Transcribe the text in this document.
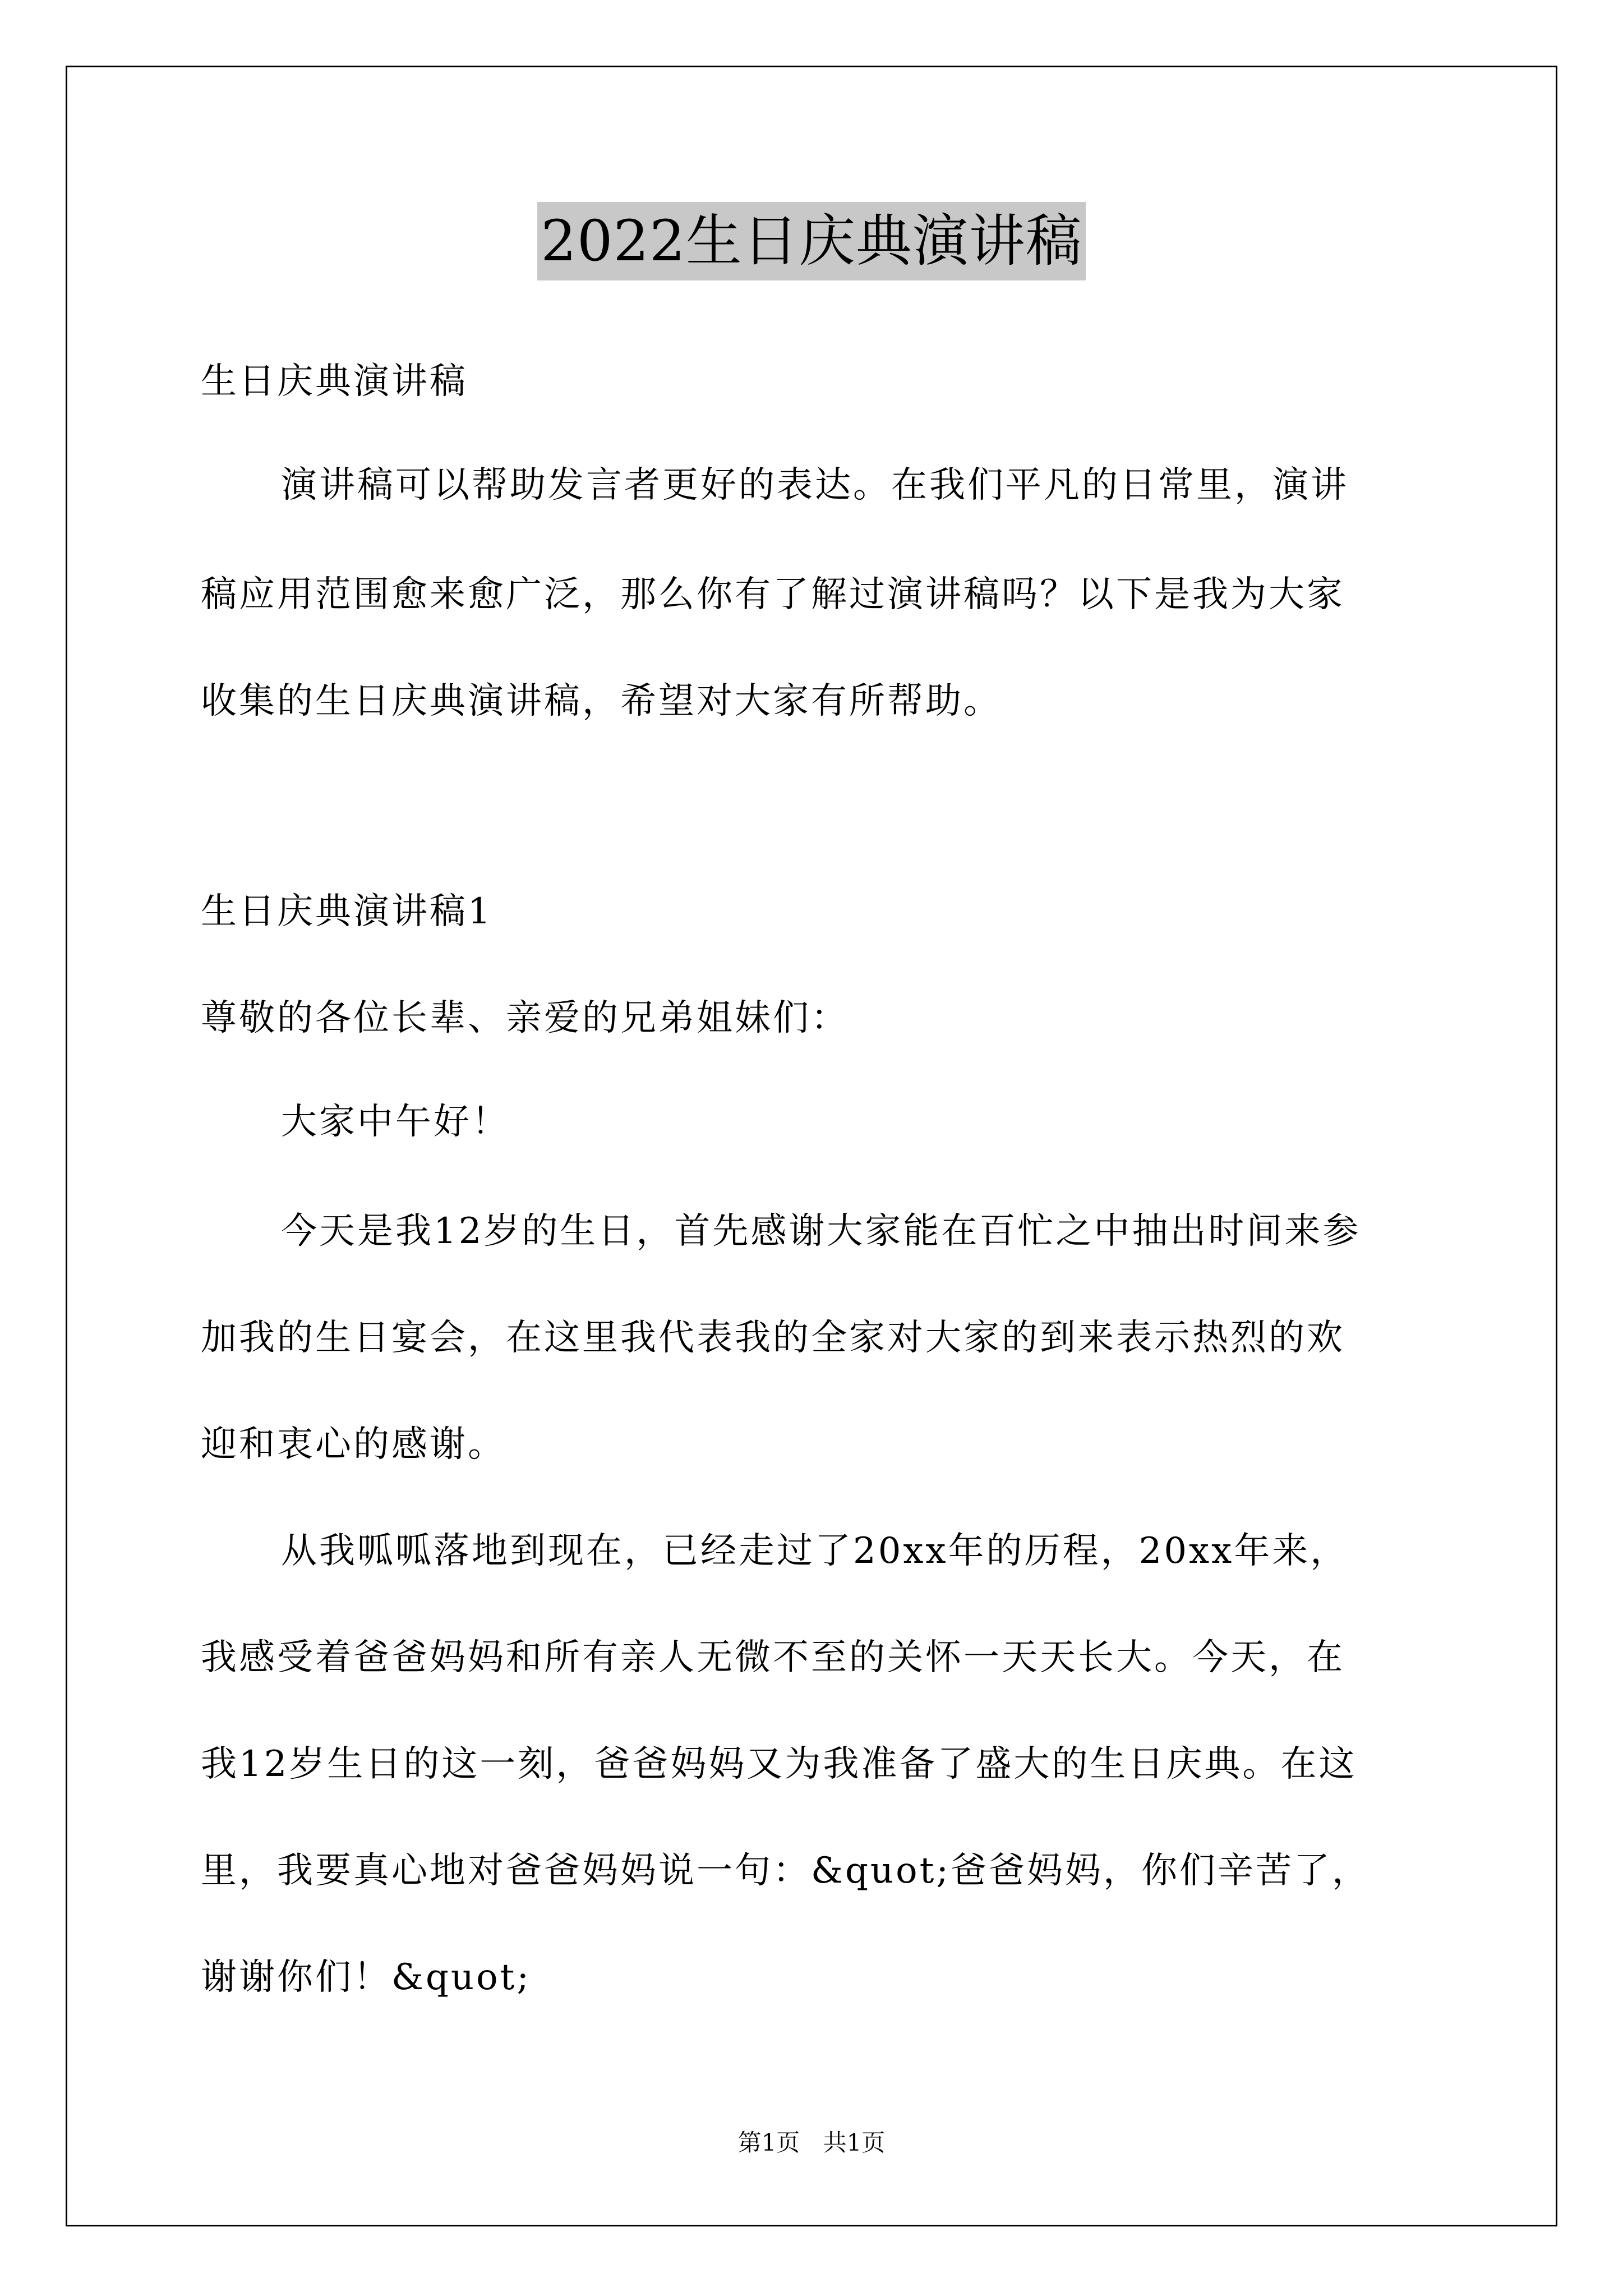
2022生日庆典演讲稿
生日庆典演讲稿
演讲稿可以帮助发言者更好的表达。在我们平凡的日常里，演讲
稿应用范围愈来愈广泛，那么你有了解过演讲稿吗？以下是我为大家
收集的生日庆典演讲稿，希望对大家有所帮助。
生日庆典演讲稿1
尊敬的各位长辈、亲爱的兄弟姐妹们：
大家中午好！
今天是我12岁的生日，首先感谢大家能在百忙之中抽出时间来参
加我的生日宴会，在这里我代表我的全家对大家的到来表示热烈的欢
迎和衷心的感谢。
从我呱呱落地到现在，已经走过了20xx年的历程，20xx年来，
我感受着爸爸妈妈和所有亲人无微不至的关怀一天天长大。今天，在
我12岁生日的这一刻，爸爸妈妈又为我准备了盛大的生日庆典。在这
里，我要真心地对爸爸妈妈说一句：&quot;爸爸妈妈，你们辛苦了，
谢谢你们！&quot;
第1页 共1页
